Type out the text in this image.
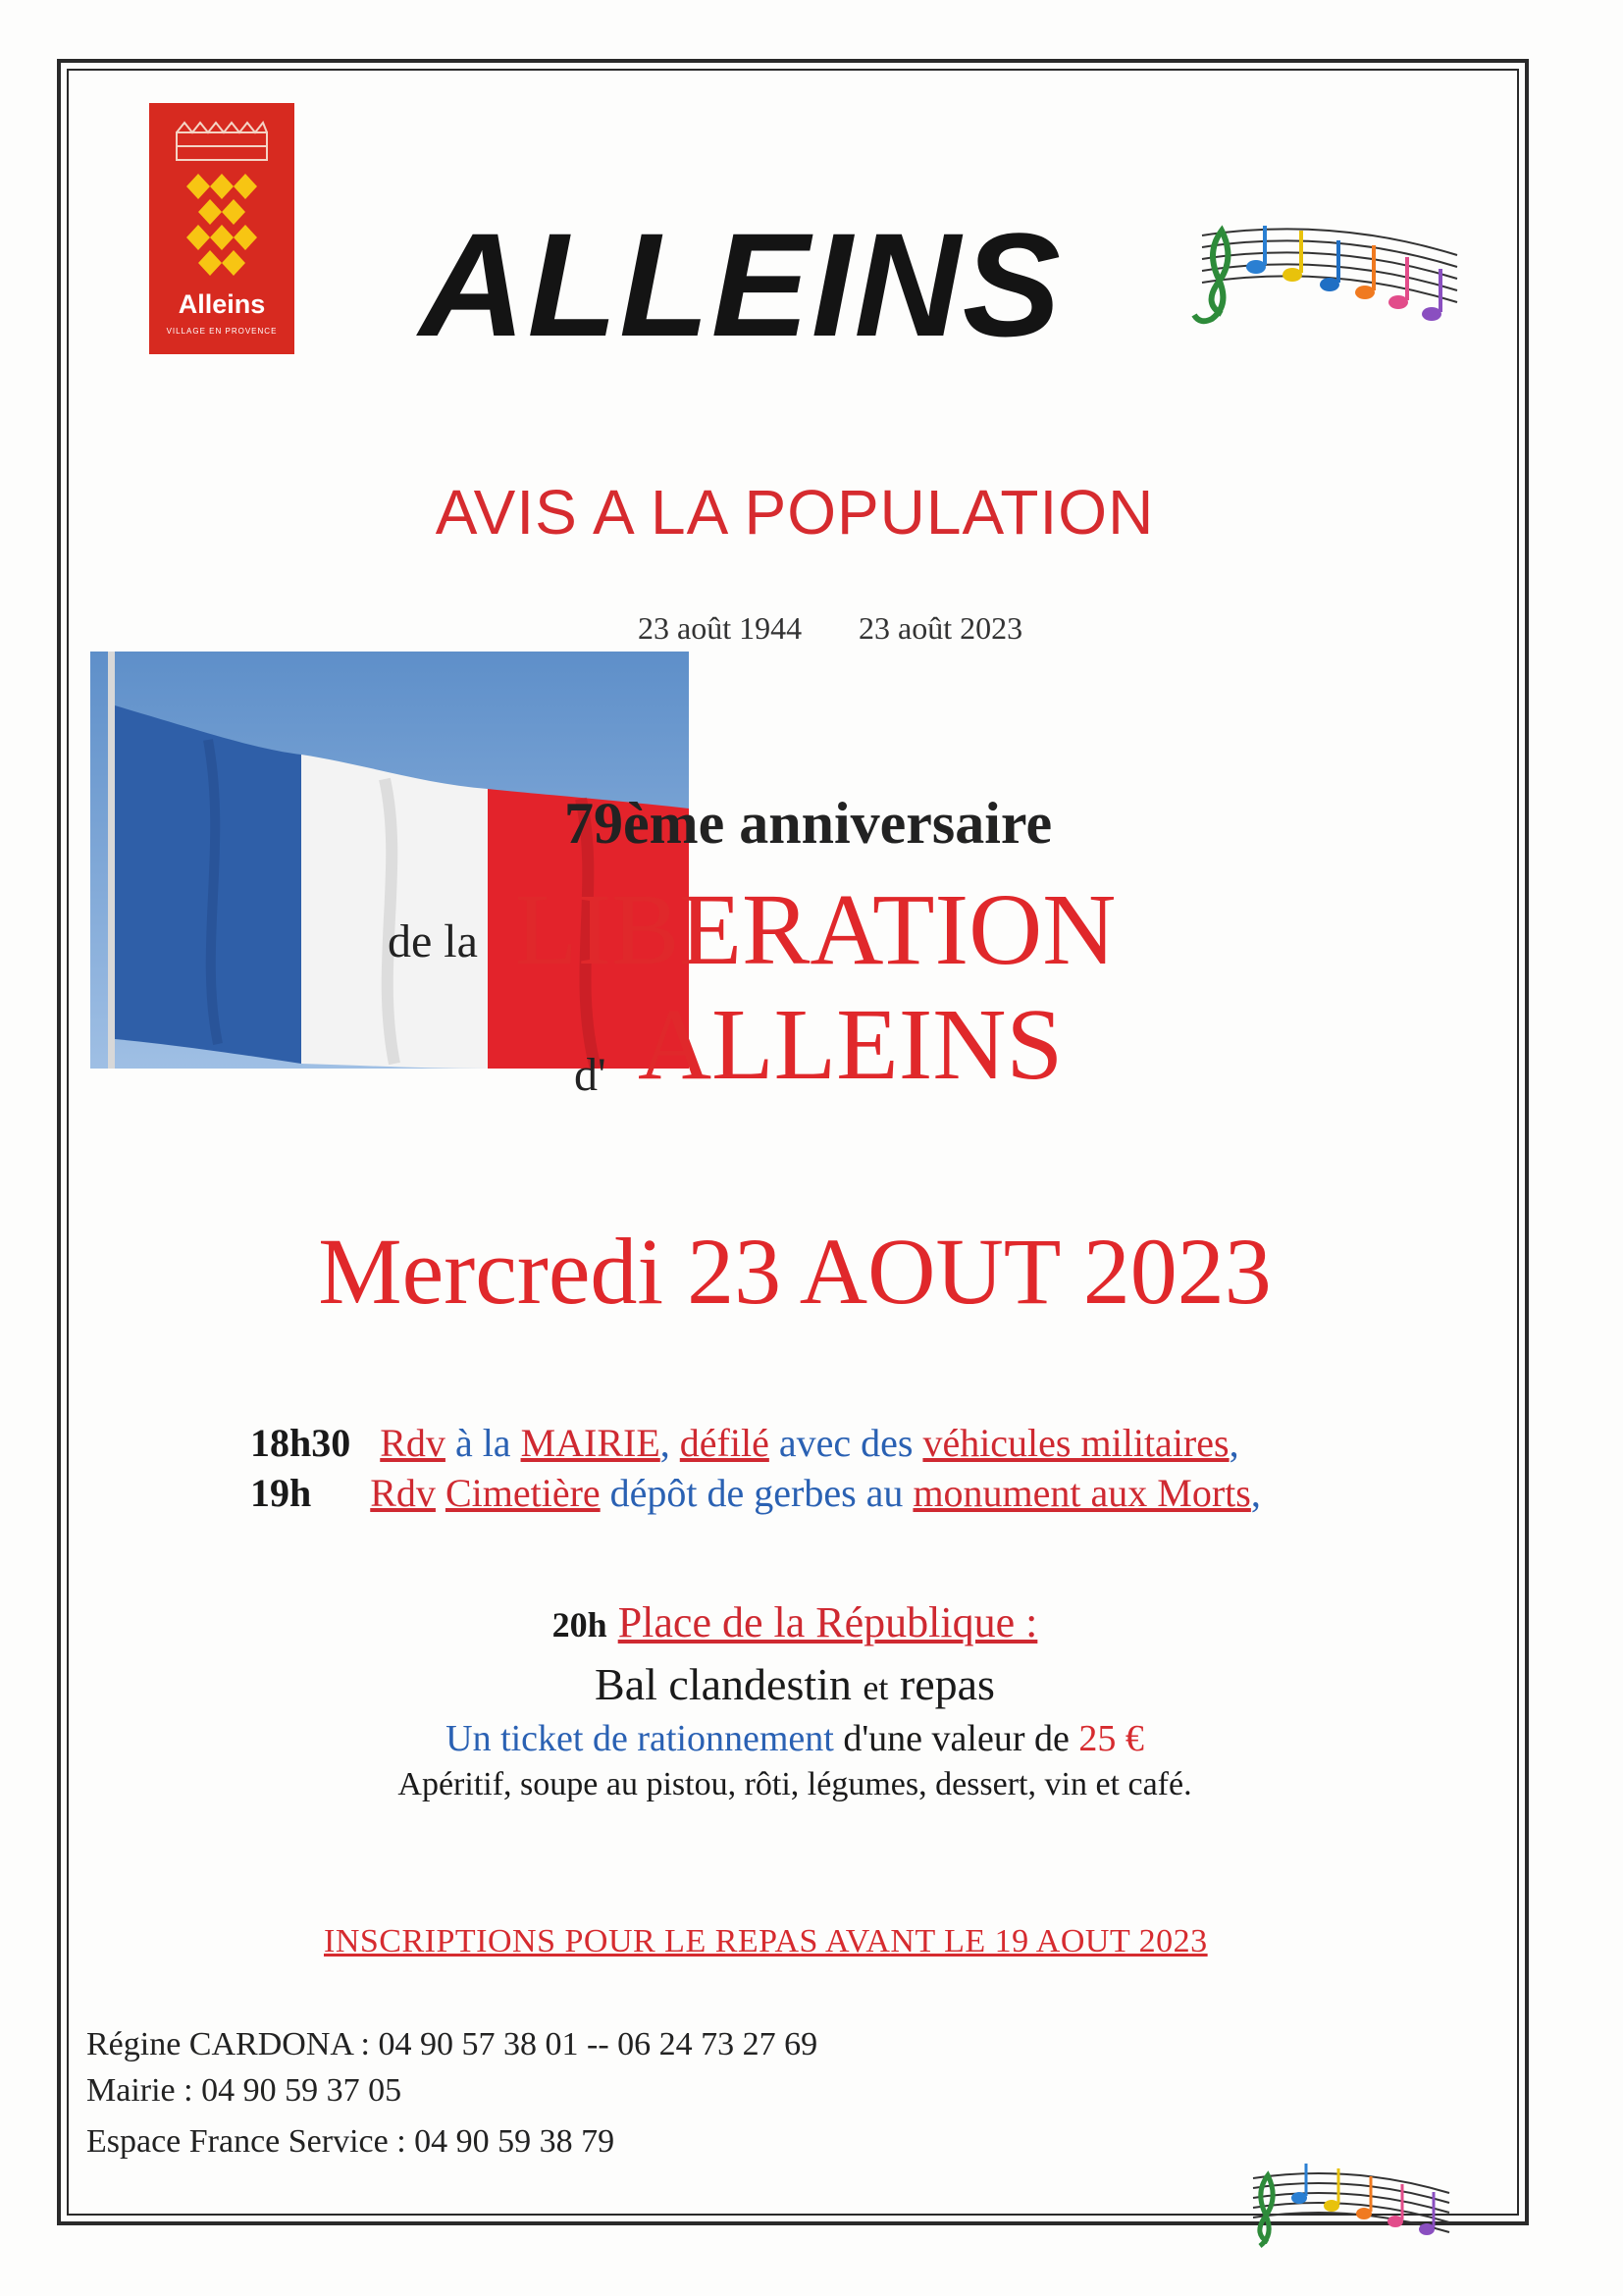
Alleins
VILLAGE EN PROVENCE ALLEINS
AVIS A LA POPULATION
23 août 1944 23 août 2023
79ème anniversaire
LIBERATION
de la
ALLEINS
d'
Mercredi 23 AOUT 2023
18h30 Rdv à la MAIRIE, défilé avec des véhicules militaires,
19h Rdv Cimetière dépôt de gerbes au monument aux Morts,
20h Place de la République :
Bal clandestin et repas
Un ticket de rationnement d'une valeur de 25 €
Apéritif, soupe au pistou, rôti, légumes, dessert, vin et café.
INSCRIPTIONS POUR LE REPAS AVANT LE 19 AOUT 2023
Régine CARDONA : 04 90 57 38 01 -- 06 24 73 27 69
Mairie : 04 90 59 37 05
Espace France Service : 04 90 59 38 79
